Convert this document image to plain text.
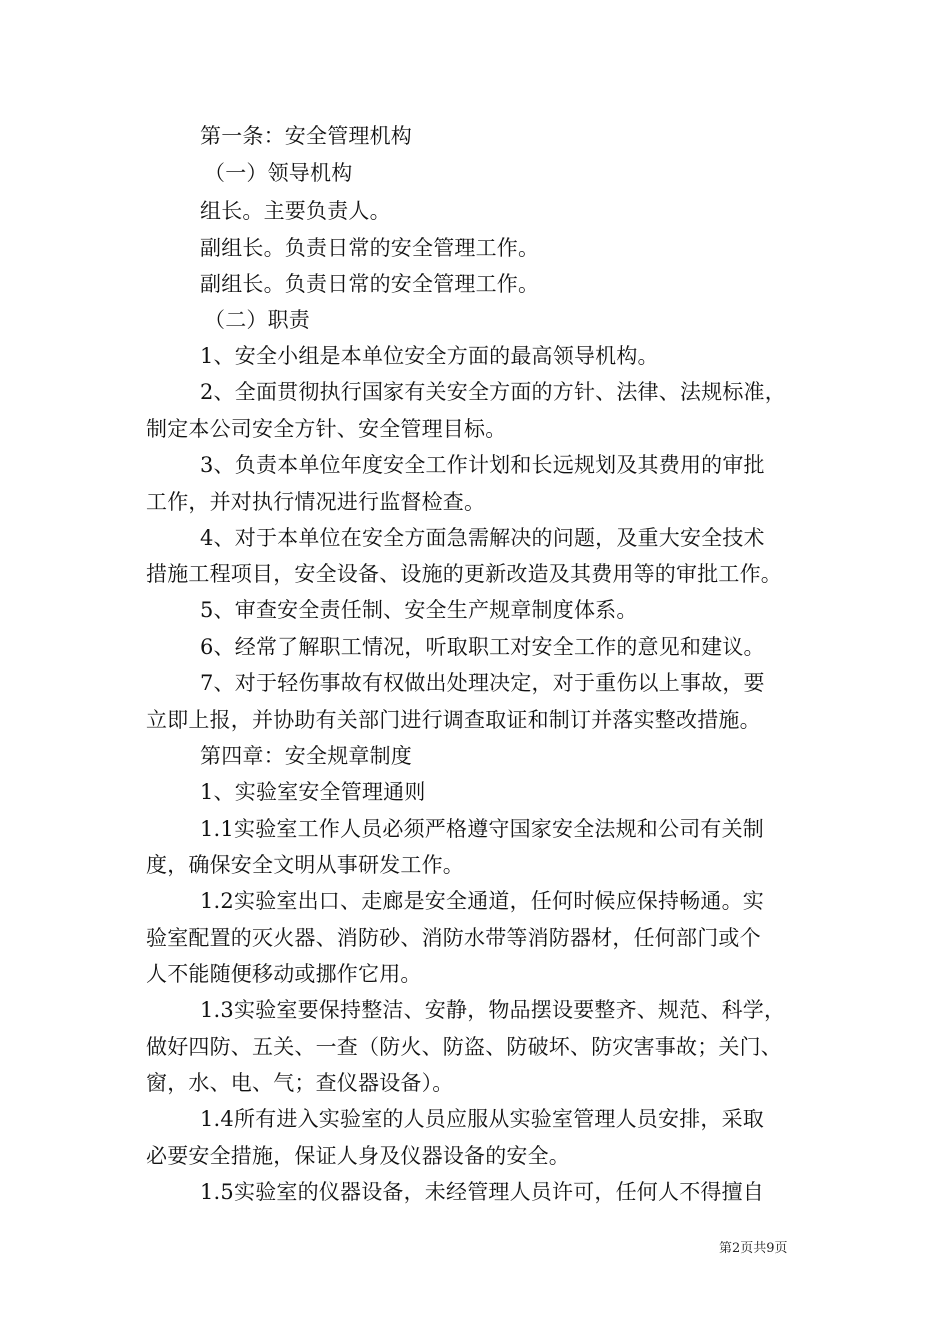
第一条：安全管理机构
（一）领导机构
组长。主要负责人。
副组长。负责日常的安全管理工作。
副组长。负责日常的安全管理工作。
（二）职责
1、安全小组是本单位安全方面的最高领导机构。
2、全面贯彻执行国家有关安全方面的方针、法律、法规标准，
制定本公司安全方针、安全管理目标。
3、负责本单位年度安全工作计划和长远规划及其费用的审批
工作，并对执行情况进行监督检查。
4、对于本单位在安全方面急需解决的问题，及重大安全技术
措施工程项目，安全设备、设施的更新改造及其费用等的审批工作。
5、审查安全责任制、安全生产规章制度体系。
6、经常了解职工情况，听取职工对安全工作的意见和建议。
7、对于轻伤事故有权做出处理决定，对于重伤以上事故，要
立即上报，并协助有关部门进行调查取证和制订并落实整改措施。
第四章：安全规章制度
1、实验室安全管理通则
1.1实验室工作人员必须严格遵守国家安全法规和公司有关制
度，确保安全文明从事研发工作。
1.2实验室出口、走廊是安全通道，任何时候应保持畅通。实
验室配置的灭火器、消防砂、消防水带等消防器材，任何部门或个
人不能随便移动或挪作它用。
1.3实验室要保持整洁、安静，物品摆设要整齐、规范、科学，
做好四防、五关、一查（防火、防盗、防破坏、防灾害事故；关门、
窗，水、电、气；查仪器设备）。
1.4所有进入实验室的人员应服从实验室管理人员安排，采取
必要安全措施，保证人身及仪器设备的安全。
1.5实验室的仪器设备，未经管理人员许可，任何人不得擅自
第2页共9页
